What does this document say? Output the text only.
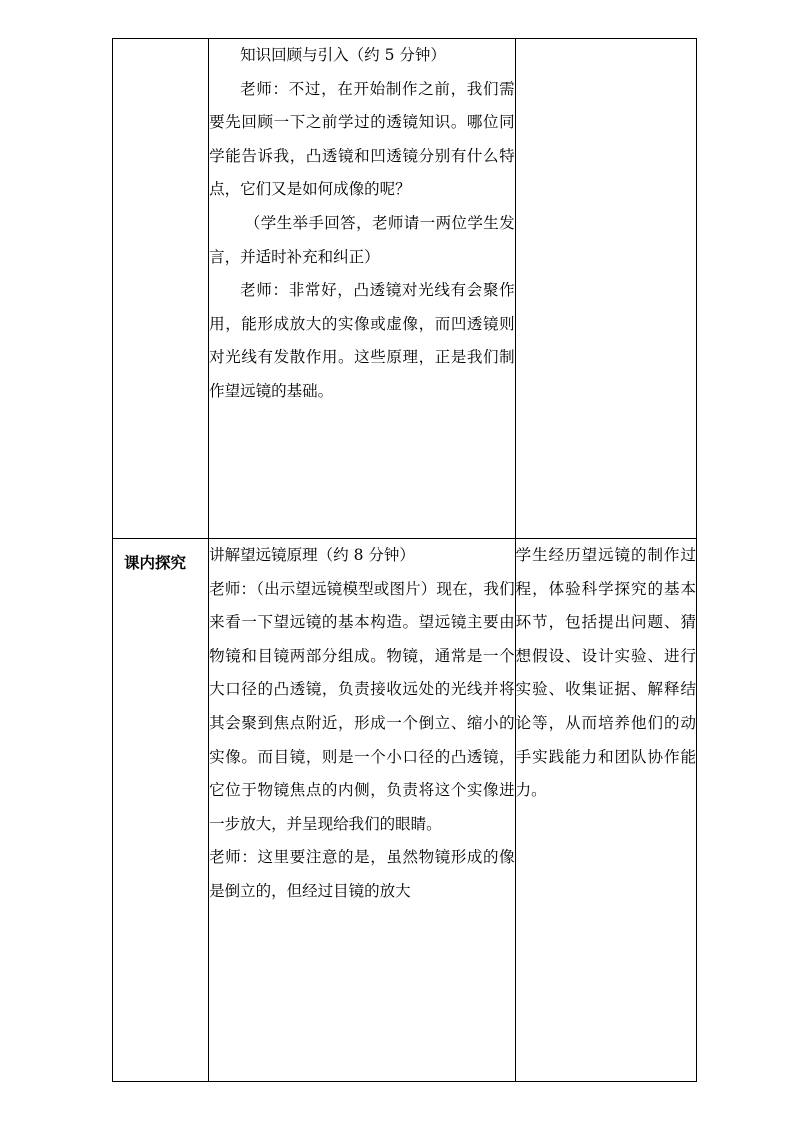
	知识回顾与引入（约 5 分钟）

老师：不过，在开始制作之前，我们需要先回顾一下之前学过的透镜知识。哪位同学能告诉我，凸透镜和凹透镜分别有什么特点，它们又是如何成像的呢？

（学生举手回答，老师请一两位学生发言，并适时补充和纠正）

老师：非常好，凸透镜对光线有会聚作用，能形成放大的实像或虚像，而凹透镜则对光线有发散作用。这些原理，正是我们制作望远镜的基础。	

课内探究	讲解望远镜原理（约 8 分钟）

老师：（出示望远镜模型或图片）现在，我们来看一下望远镜的基本构造。望远镜主要由物镜和目镜两部分组成。物镜，通常是一个大口径的凸透镜，负责接收远处的光线并将其会聚到焦点附近，形成一个倒立、缩小的实像。而目镜，则是一个小口径的凸透镜，它位于物镜焦点的内侧，负责将这个实像进一步放大，并呈现给我们的眼睛。

老师：这里要注意的是，虽然物镜形成的像是倒立的，但经过目镜的放大	学生经历望远镜的制作过程，体验科学探究的基本环节，包括提出问题、猜想假设、设计实验、进行实验、收集证据、解释结论等，从而培养他们的动手实践能力和团队协作能力。
